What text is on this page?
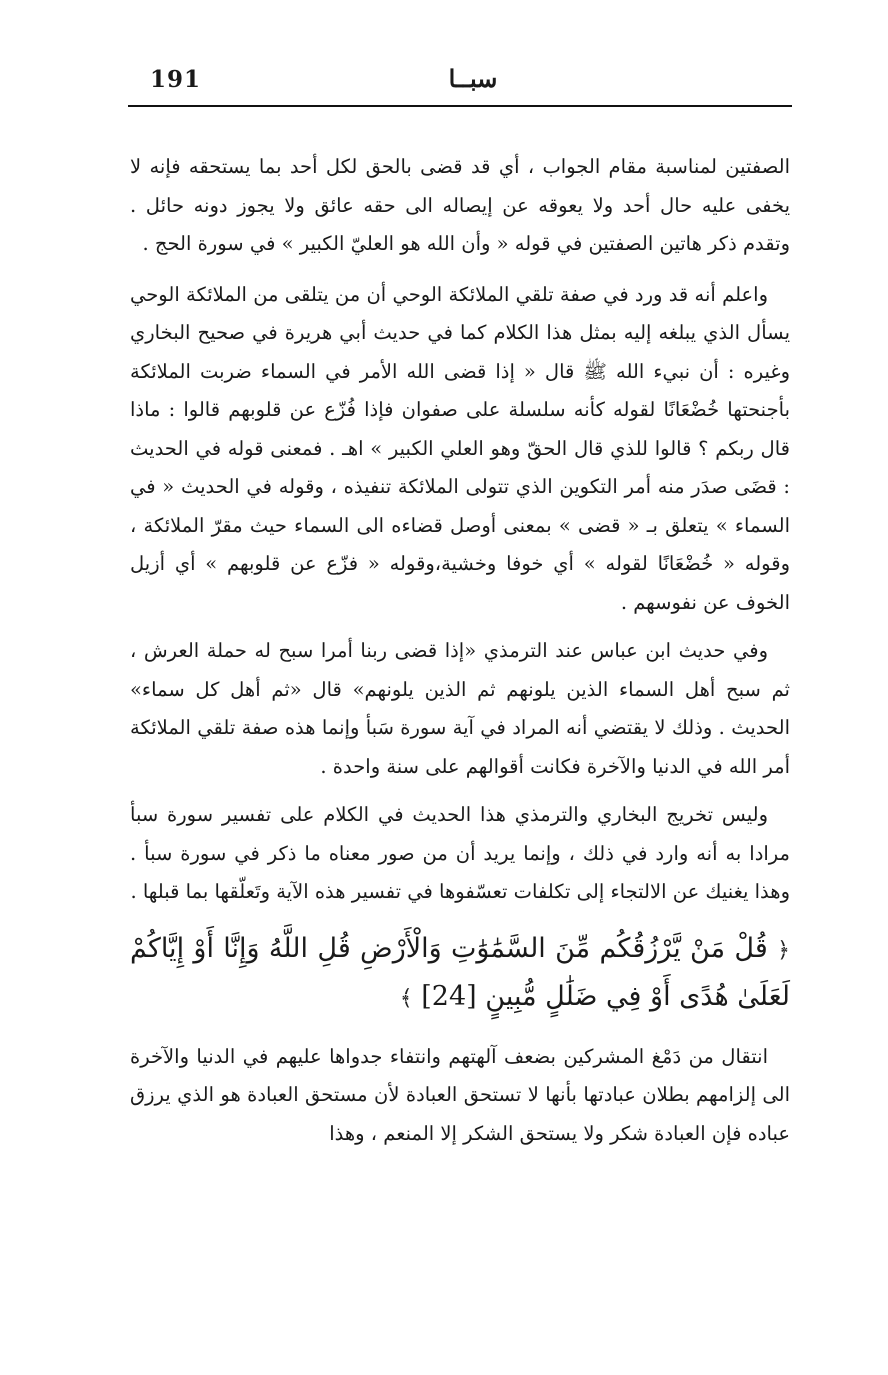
191	سبــا

الصفتين لمناسبة مقام الجواب ، أي قد قضى بالحق لكل أحد بما يستحقه فإنه لا يخفى عليه حال أحد ولا يعوقه عن إيصاله الى حقه عائق ولا يجوز دونه حائل . وتقدم ذكر هاتين الصفتين في قوله « وأن الله هو العليّ الكبير » في سورة الحج .

واعلم أنه قد ورد في صفة تلقي الملائكة الوحي أن من يتلقى من الملائكة الوحي يسأل الذي يبلغه إليه بمثل هذا الكلام كما في حديث أبي هريرة في صحيح البخاري وغيره : أن نبيء الله ﷺ قال « إذا قضى الله الأمر في السماء ضربت الملائكة بأجنحتها خُضْعَانًا لقوله كأنه سلسلة على صفوان فإذا فُزّع عن قلوبهم قالوا : ماذا قال ربكم ؟ قالوا للذي قال الحقّ وهو العلي الكبير » اهـ . فمعنى قوله في الحديث : قضَى صدَر منه أمر التكوين الذي تتولى الملائكة تنفيذه ، وقوله في الحديث « في السماء » يتعلق بـ « قضى » بمعنى أوصل قضاءه الى السماء حيث مقرّ الملائكة ، وقوله « خُضْعَانًا لقوله » أي خوفا وخشية،وقوله « فزّع عن قلوبهم » أي أزيل الخوف عن نفوسهم .

وفي حديث ابن عباس عند الترمذي «إذا قضى ربنا أمرا سبح له حملة العرش ، ثم سبح أهل السماء الذين يلونهم ثم الذين يلونهم» قال «ثم أهل كل سماء» الحديث . وذلك لا يقتضي أنه المراد في آية سورة سَبأ وإنما هذه صفة تلقي الملائكة أمر الله في الدنيا والآخرة فكانت أقوالهم على سنة واحدة .

وليس تخريج البخاري والترمذي هذا الحديث في الكلام على تفسير سورة سبأ مرادا به أنه وارد في ذلك ، وإنما يريد أن من صور معناه ما ذكر في سورة سبأ . وهذا يغنيك عن الالتجاء إلى تكلفات تعسّفوها في تفسير هذه الآية وتَعلّقها بما قبلها .

﴿ قُلْ مَنْ يَّرْزُقُكُم مِّنَ السَّمَٰوَٰتِ وَالْأَرْضِ قُلِ اللَّهُ وَإِنَّا أَوْ إِيَّاكُمْ لَعَلَىٰ هُدًى أَوْ فِي ضَلَٰلٍ مُّبِينٍ [24] ﴾

انتقال من دَمْغ المشركين بضعف آلهتهم وانتفاء جدواها عليهم في الدنيا والآخرة الى إلزامهم بطلان عبادتها بأنها لا تستحق العبادة لأن مستحق العبادة هو الذي يرزق عباده فإن العبادة شكر ولا يستحق الشكر إلا المنعم ، وهذا
